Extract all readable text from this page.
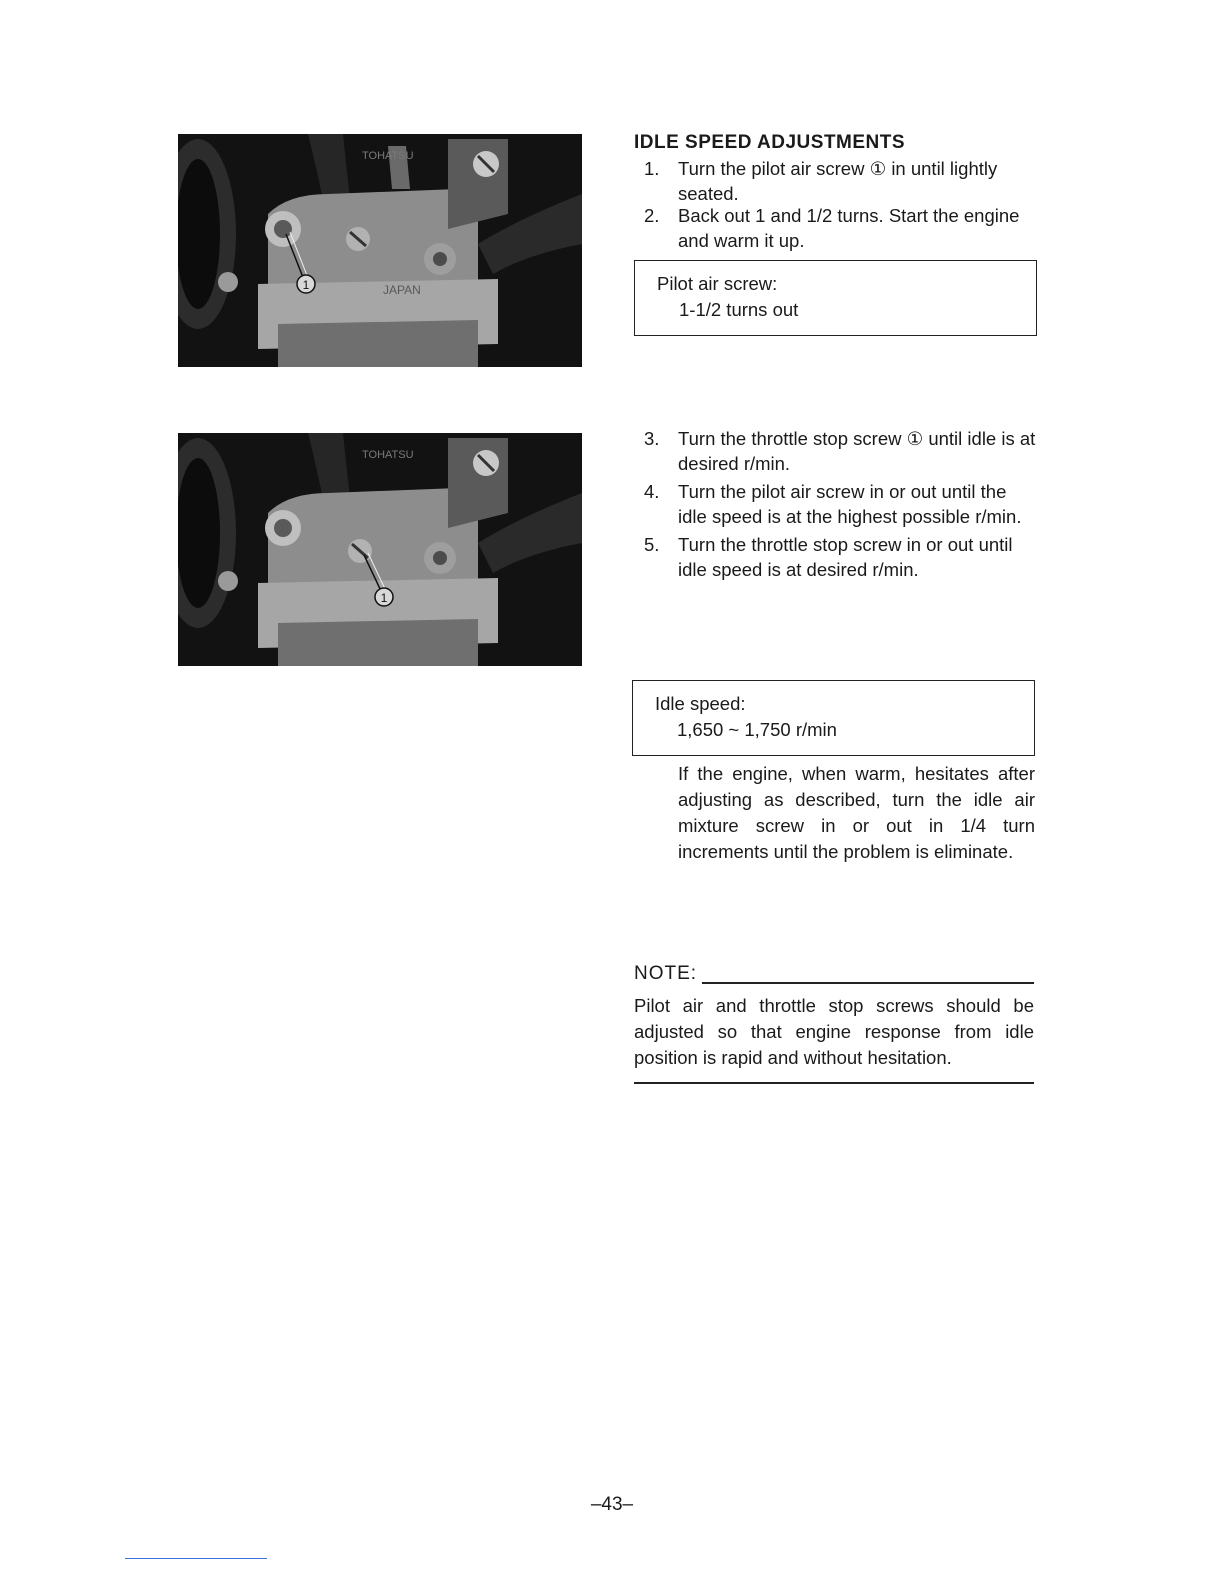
JAPAN
TOHATSU
1
TOHATSU
1
IDLE SPEED ADJUSTMENTS
1. Turn the pilot air screw ① in until lightly seated.
2. Back out 1 and 1/2 turns. Start the engine and warm it up.
Pilot air screw:
1-1/2 turns out
3. Turn the throttle stop screw ① until idle is at desired r/min.
4. Turn the pilot air screw in or out until the idle speed is at the highest possible r/min.
5. Turn the throttle stop screw in or out until idle speed is at desired r/min.
Idle speed:
1,650 ~ 1,750 r/min
If the engine, when warm, hesitates after adjusting as described, turn the idle air mixture screw in or out in 1/4 turn increments until the problem is eliminate.
NOTE:
Pilot air and throttle stop screws should be adjusted so that engine response from idle position is rapid and without hesitation.
–43–
